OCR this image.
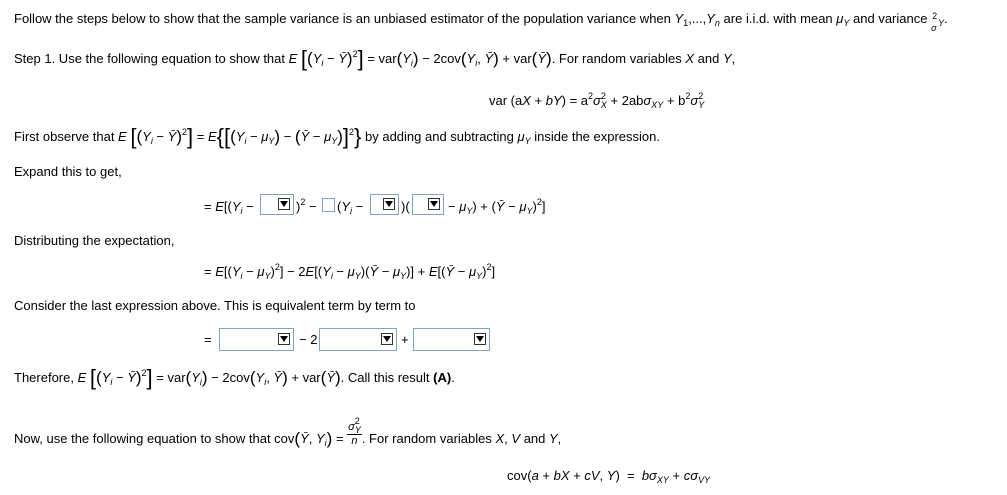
Follow the steps below to show that the sample variance is an unbiased estimator of the population variance when $Y_1,...,Y_n$ are i.i.d. with mean $\mu_Y$ and variance 2
σ $_Y$.
Step 1. Use the following equation to show that E [($Y_i$ − Ȳ)$^2$] = $var(Y_i) - 2cov(Y_i$, Ȳ) + var(Ȳ). For random variables X and Y,
var $(aX + bY) = a^2\sigma^2_X + 2ab\sigma_{XY} + b^2\sigma^2_Y$
First observe that E [($Y_i$ − Ȳ)$^2$] = $E\{[(Y_i - \mu_Y)$ − (Ȳ − $\mu_Y)]^2$} by adding and subtracting $\mu_Y$ inside the expression.
Expand this to get,
= $E[(Y_i$ −	)$^2 - (Y_i$ −	)(	− $\mu_Y$) + (Ȳ − $\mu_Y)^2$]
Distributing the expectation,
= $E[(Y_i - \mu_Y)^2] - 2E[(Y_i$ − $\mu_Y)(Ȳ - \mu_Y)$] + E[(Ȳ − $\mu_Y)^2$]
Consider the last expression above. This is equivalent term by term to
=	− 2	+
Therefore, E [($Y_i$ − Ȳ)$^2$] = $var(Y_i) - 2cov(Y_i$, Ȳ) + var(Ȳ). Call this result (A).
Now, use the following equation to show that cov(Ȳ, $Y_i) = \frac{\sigma^2_Y}{n}$ . For random variables X, V and Y,
cov(a + bX + cV, $Y) = b\sigma_{XY} + c\sigma_{VY}$
